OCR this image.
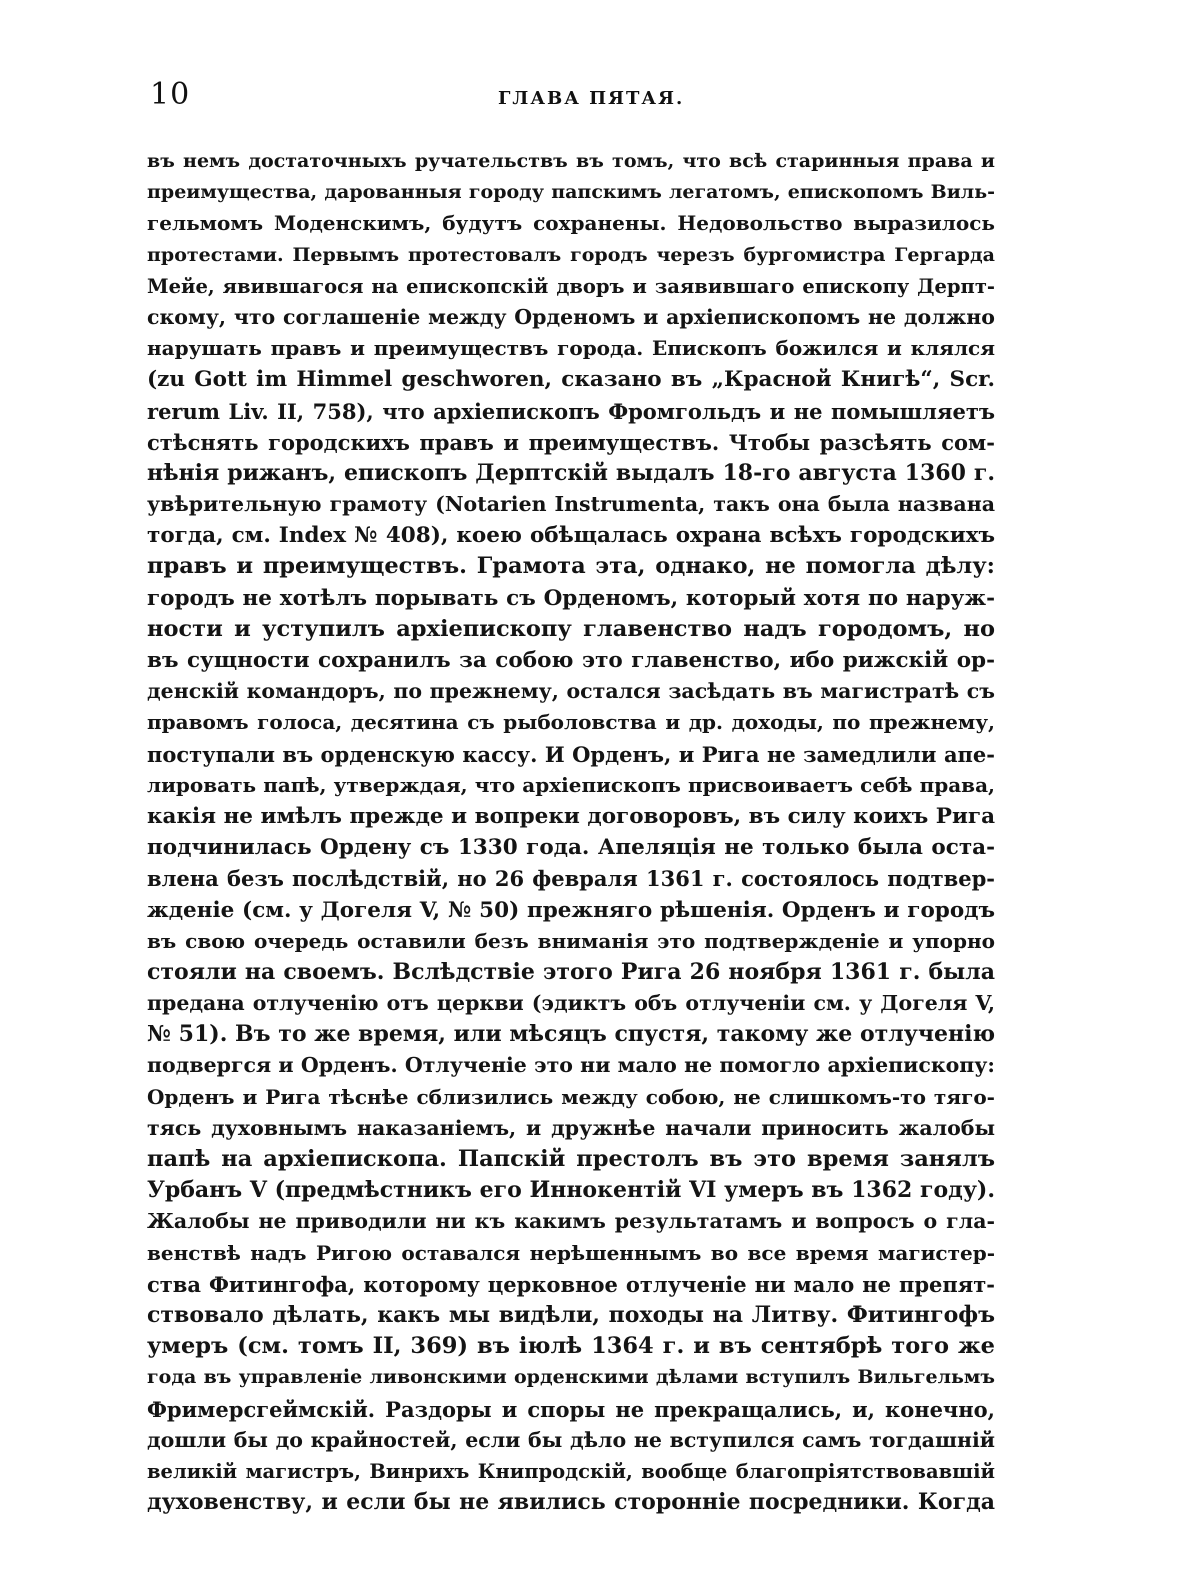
10	ГЛАВА ПЯТАЯ.
въ немъ достаточныхъ ручательствъ въ томъ, что всѣ старинныя права и
преимущества, дарованныя городу папскимъ легатомъ, епископомъ Виль-
гельмомъ Моденскимъ, будутъ сохранены. Недовольство выразилось
протестами. Первымъ протестовалъ городъ черезъ бургомистра Гергарда
Мейе, явившагося на епископскій дворъ и заявившаго епископу Дерпт-
скому, что соглашеніе между Орденомъ и архіепископомъ не должно
нарушать правъ и преимуществъ города. Епископъ божился и клялся
(zu Gott im Himmel geschworen, сказано въ „Красной Книгѣ“, Scr.
rerum Liv. II, 758), что архіепископъ Фромгольдъ и не помышляетъ
стѣснять городскихъ правъ и преимуществъ. Чтобы разсѣять сом-
нѣнія рижанъ, епископъ Дерптскій выдалъ 18-го августа 1360 г.
увѣрительную грамоту (Notarien Instrumenta, такъ она была названа
тогда, см. Index № 408), коею обѣщалась охрана всѣхъ городскихъ
правъ и преимуществъ. Грамота эта, однако, не помогла дѣлу:
городъ не хотѣлъ порывать съ Орденомъ, который хотя по наруж-
ности и уступилъ архіепископу главенство надъ городомъ, но
въ сущности сохранилъ за собою это главенство, ибо рижскій ор-
денскій командоръ, по прежнему, остался засѣдать въ магистратѣ съ
правомъ голоса, десятина съ рыболовства и др. доходы, по прежнему,
поступали въ орденскую кассу. И Орденъ, и Рига не замедлили апе-
лировать папѣ, утверждая, что архіепископъ присвоиваетъ себѣ права,
какія не имѣлъ прежде и вопреки договоровъ, въ силу коихъ Рига
подчинилась Ордену съ 1330 года. Апеляція не только была оста-
влена безъ послѣдствій, но 26 февраля 1361 г. состоялось подтвер-
жденіе (см. у Догеля V, № 50) прежняго рѣшенія. Орденъ и городъ
въ свою очередь оставили безъ вниманія это подтвержденіе и упорно
стояли на своемъ. Вслѣдствіе этого Рига 26 ноября 1361 г. была
предана отлученію отъ церкви (эдиктъ объ отлученіи см. у Догеля V,
№ 51). Въ то же время, или мѣсяцъ спустя, такому же отлученію
подвергся и Орденъ. Отлученіе это ни мало не помогло архіепископу:
Орденъ и Рига тѣснѣе сблизились между собою, не слишкомъ-то тяго-
тясь духовнымъ наказаніемъ, и дружнѣе начали приносить жалобы
папѣ на архіепископа. Папскій престолъ въ это время занялъ
Урбанъ V (предмѣстникъ его Иннокентій VI умеръ въ 1362 году).
Жалобы не приводили ни къ какимъ результатамъ и вопросъ о гла-
венствѣ надъ Ригою оставался нерѣшеннымъ во все время магистер-
ства Фитингофа, которому церковное отлученіе ни мало не препят-
ствовало дѣлать, какъ мы видѣли, походы на Литву. Фитингофъ
умеръ (см. томъ II, 369) въ іюлѣ 1364 г. и въ сентябрѣ того же
года въ управленіе ливонскими орденскими дѣлами вступилъ Вильгельмъ
Фримерсгеймскій. Раздоры и споры не прекращались, и, конечно,
дошли бы до крайностей, если бы дѣло не вступился самъ тогдашній
великій магистръ, Винрихъ Книпродскій, вообще благопріятствовавшій
духовенству, и если бы не явились сторонніе посредники. Когда
